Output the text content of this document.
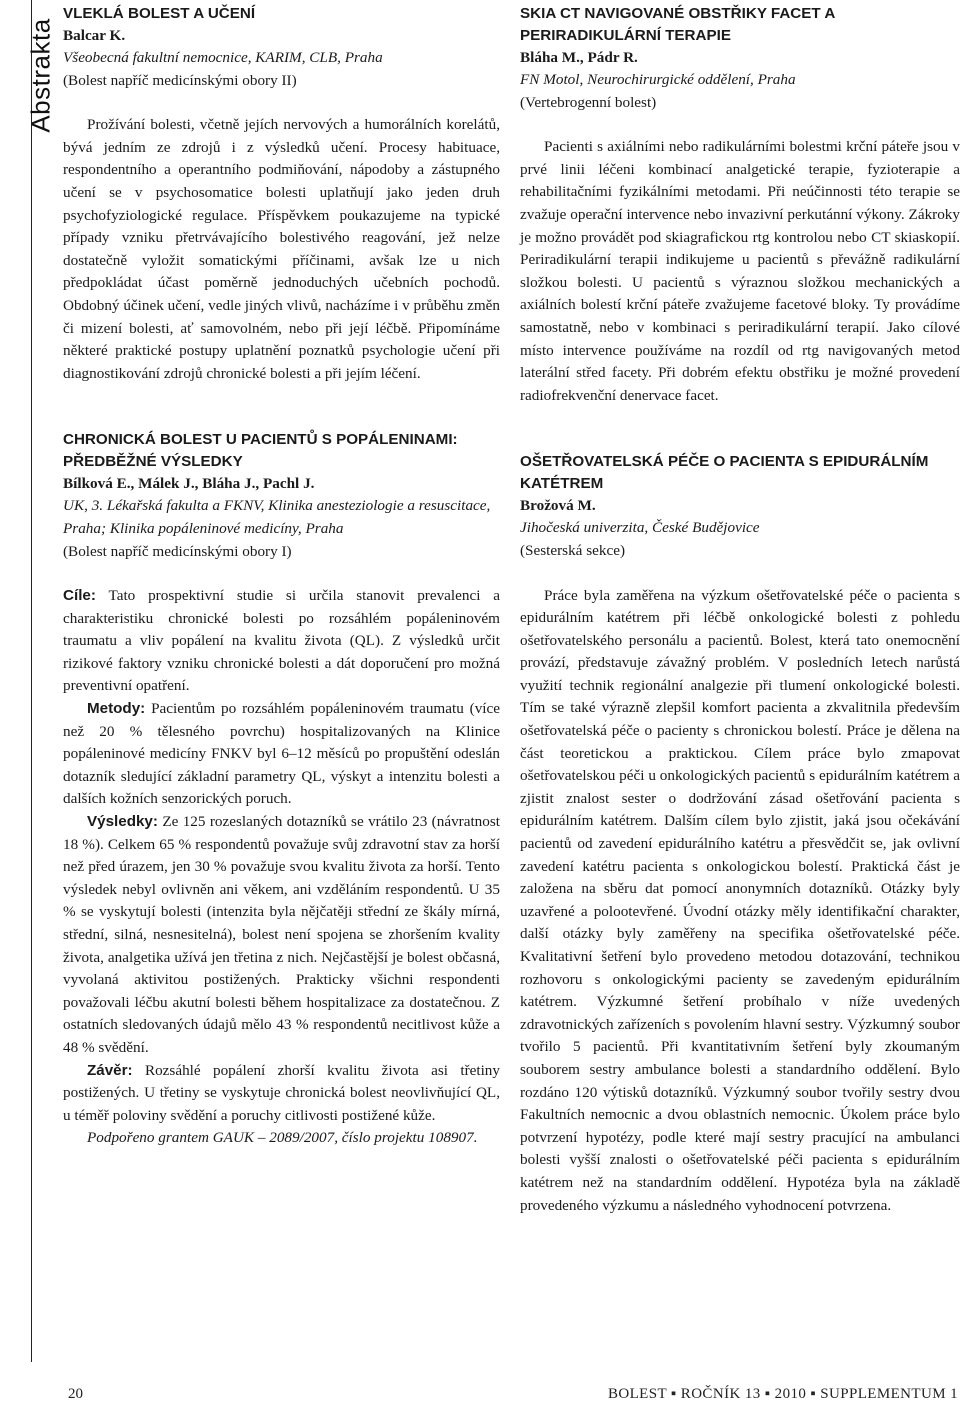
Abstrakta
VLEKLÁ BOLEST A UČENÍ

Balcar K.

Všeobecná fakultní nemocnice, KARIM, CLB, Praha

(Bolest napříč medicínskými obory II)

Prožívání bolesti, včetně jejích nervových a humorálních korelátů, bývá jedním ze zdrojů i z výsledků učení. Procesy habituace, respondentního a operantního podmiňování, nápodoby a zástupného učení se v psychosomatice bolesti uplatňují jako jeden druh psychofyziologické regulace. Příspěvkem poukazujeme na typické případy vzniku přetrvávajícího bolestivého reagování, jež nelze dostatečně vyložit somatickými příčinami, avšak lze u nich předpokládat účast poměrně jednoduchých učebních pochodů. Obdobný účinek učení, vedle jiných vlivů, nacházíme i v průběhu změn či mizení bolesti, ať samovolném, nebo při její léčbě. Připomínáme některé praktické postupy uplatnění poznatků psychologie učení při diagnostikování zdrojů chronické bolesti a při jejím léčení.

CHRONICKÁ BOLEST U PACIENTŮ S POPÁLENINAMI: PŘEDBĚŽNÉ VÝSLEDKY

Bílková E., Málek J., Bláha J., Pachl J.

UK, 3. Lékařská fakulta a FKNV, Klinika anesteziologie a resuscitace, Praha; Klinika popáleninové medicíny, Praha

(Bolest napříč medicínskými obory I)

Cíle: Tato prospektivní studie si určila stanovit prevalenci a charakteristiku chronické bolesti po rozsáhlém popáleninovém traumatu a vliv popálení na kvalitu života (QL). Z výsledků určit rizikové faktory vzniku chronické bolesti a dát doporučení pro možná preventivní opatření.

Metody: Pacientům po rozsáhlém popáleninovém traumatu (více než 20 % tělesného povrchu) hospitalizovaných na Klinice popáleninové medicíny FNKV byl 6–12 měsíců po propuštění odeslán dotazník sledující základní parametry QL, výskyt a intenzitu bolesti a dalších kožních senzorických poruch.

Výsledky: Ze 125 rozeslaných dotazníků se vrátilo 23 (návratnost 18 %). Celkem 65 % respondentů považuje svůj zdravotní stav za horší než před úrazem, jen 30 % považuje svou kvalitu života za horší. Tento výsledek nebyl ovlivněn ani věkem, ani vzděláním respondentů. U 35 % se vyskytují bolesti (intenzita byla nějčatěji střední ze škály mírná, střední, silná, nesnesitelná), bolest není spojena se zhoršením kvality života, analgetika užívá jen třetina z nich. Nejčastější je bolest občasná, vyvolaná aktivitou postižených. Prakticky všichni respondenti považovali léčbu akutní bolesti během hospitalizace za dostatečnou. Z ostatních sledovaných údajů mělo 43 % respondentů necitlivost kůže a 48 % svědění.

Závěr: Rozsáhlé popálení zhorší kvalitu života asi třetiny postižených. U třetiny se vyskytuje chronická bolest neovlivňující QL, u téměř poloviny svědění a poruchy citlivosti postižené kůže.

Podpořeno grantem GAUK – 2089/2007, číslo projektu 108907.

SKIA CT NAVIGOVANÉ OBSTŘIKY FACET A PERIRADIKULÁRNÍ TERAPIE

Bláha M., Pádr R.

FN Motol, Neurochirurgické oddělení, Praha

(Vertebrogenní bolest)

Pacienti s axiálními nebo radikulárními bolestmi krční páteře jsou v prvé linii léčeni kombinací analgetické terapie, fyzioterapie a rehabilitačními fyzikálními metodami. Při neúčinnosti této terapie se zvažuje operační intervence nebo invazivní perkutánní výkony. Zákroky je možno provádět pod skiagrafickou rtg kontrolou nebo CT skiaskopií. Periradikulární terapii indikujeme u pacientů s převážně radikulární složkou bolesti. U pacientů s výraznou složkou mechanických a axiálních bolestí krční páteře zvažujeme facetové bloky. Ty provádíme samostatně, nebo v kombinaci s periradikulární terapií. Jako cílové místo intervence používáme na rozdíl od rtg navigovaných metod laterální střed facety. Při dobrém efektu obstřiku je možné provedení radiofrekvenční denervace facet.

OŠETŘOVATELSKÁ PÉČE O PACIENTA S EPIDURÁLNÍM KATÉTREM

Brožová M.

Jihočeská univerzita, České Budějovice

(Sesterská sekce)

Práce byla zaměřena na výzkum ošetřovatelské péče o pacienta s epidurálním katétrem při léčbě onkologické bolesti z pohledu ošetřovatelského personálu a pacientů. Bolest, která tato onemocnění provází, představuje závažný problém. V posledních letech narůstá využití technik regionální analgezie při tlumení onkologické bolesti. Tím se také výrazně zlepšil komfort pacienta a zkvalitnila především ošetřovatelská péče o pacienty s chronickou bolestí. Práce je dělena na část teoretickou a praktickou. Cílem práce bylo zmapovat ošetřovatelskou péči u onkologických pacientů s epidurálním katétrem a zjistit znalost sester o dodržování zásad ošetřování pacienta s epidurálním katétrem. Dalším cílem bylo zjistit, jaká jsou očekávání pacientů od zavedení epidurálního katétru a přesvědčit se, jak ovlivní zavedení katétru pacienta s onkologickou bolestí. Praktická část je založena na sběru dat pomocí anonymních dotazníků. Otázky byly uzavřené a polootevřené. Úvodní otázky měly identifikační charakter, další otázky byly zaměřeny na specifika ošetřovatelské péče. Kvalitativní šetření bylo provedeno metodou dotazování, technikou rozhovoru s onkologickými pacienty se zavedeným epidurálním katétrem. Výzkumné šetření probíhalo v níže uvedených zdravotnických zařízeních s povolením hlavní sestry. Výzkumný soubor tvořilo 5 pacientů. Při kvantitativním šetření byly zkoumaným souborem sestry ambulance bolesti a standardního oddělení. Bylo rozdáno 120 výtisků dotazníků. Výzkumný soubor tvořily sestry dvou Fakultních nemocnic a dvou oblastních nemocnic. Úkolem práce bylo potvrzení hypotézy, podle které mají sestry pracující na ambulanci bolesti vyšší znalosti o ošetřovatelské péči pacienta s epidurálním katétrem než na standardním oddělení. Hypotéza byla na základě provedeného výzkumu a následného vyhodnocení potvrzena.

20	BOLEST ▪ ROČNÍK 13 ▪ 2010 ▪ SUPPLEMENTUM 1
